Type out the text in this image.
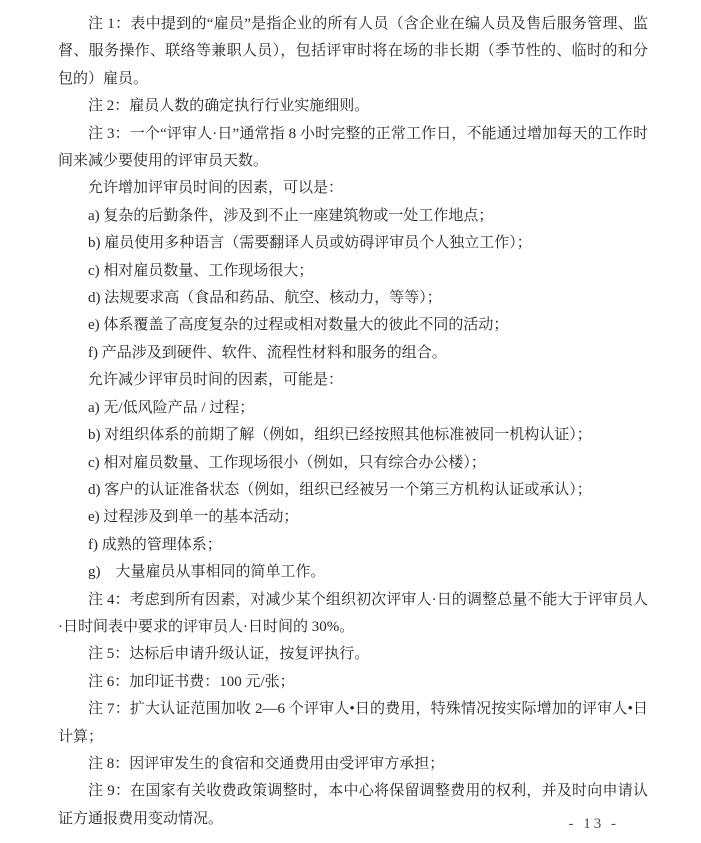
注 1：表中提到的“雇员”是指企业的所有人员（含企业在编人员及售后服务管理、监督、服务操作、联络等兼职人员），包括评审时将在场的非长期（季节性的、临时的和分包的）雇员。

注 2：雇员人数的确定执行行业实施细则。

注 3：一个“评审人·日”通常指 8 小时完整的正常工作日，不能通过增加每天的工作时间来减少要使用的评审员天数。

允许增加评审员时间的因素，可以是：

a) 复杂的后勤条件，涉及到不止一座建筑物或一处工作地点；

b) 雇员使用多种语言（需要翻译人员或妨碍评审员个人独立工作）；

c) 相对雇员数量、工作现场很大；

d) 法规要求高（食品和药品、航空、核动力，等等）；

e) 体系覆盖了高度复杂的过程或相对数量大的彼此不同的活动；

f) 产品涉及到硬件、软件、流程性材料和服务的组合。

允许减少评审员时间的因素，可能是：

a) 无/低风险产品 / 过程；

b) 对组织体系的前期了解（例如，组织已经按照其他标准被同一机构认证）；

c) 相对雇员数量、工作现场很小（例如，只有综合办公楼）；

d) 客户的认证准备状态（例如，组织已经被另一个第三方机构认证或承认）；

e) 过程涉及到单一的基本活动；

f) 成熟的管理体系；

g)　大量雇员从事相同的简单工作。

注 4：考虑到所有因素，对减少某个组织初次评审人·日的调整总量不能大于评审员人·日时间表中要求的评审员人·日时间的 30%。

注 5：达标后申请升级认证，按复评执行。

注 6：加印证书费：100 元/张；

注 7：扩大认证范围加收 2—6 个评审人•日的费用，特殊情况按实际增加的评审人•日计算；

注 8：因评审发生的食宿和交通费用由受评审方承担；

注 9：在国家有关收费政策调整时，本中心将保留调整费用的权利，并及时向申请认证方通报费用变动情况。	- 13 -
